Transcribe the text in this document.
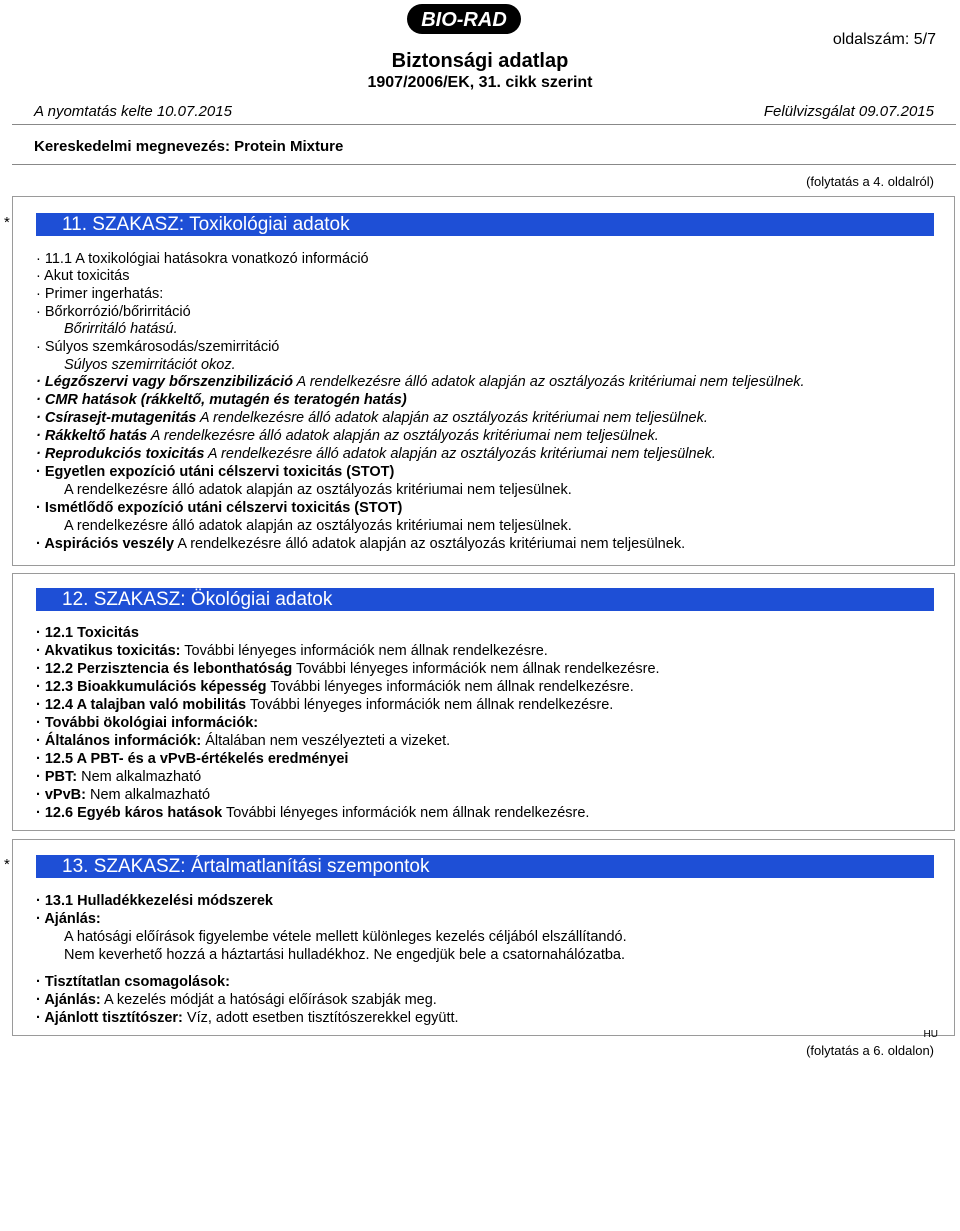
BIO-RAD
oldalszám: 5/7
Biztonsági adatlap
1907/2006/EK, 31. cikk szerint
A nyomtatás kelte 10.07.2015	Felülvizsgálat 09.07.2015
Kereskedelmi megnevezés: Protein Mixture
(folytatás a 4. oldalról)
*	11. SZAKASZ: Toxikológiai adatok
· 11.1 A toxikológiai hatásokra vonatkozó információ
· Akut toxicitás
· Primer ingerhatás:
· Bőrkorrózió/bőrirritáció
Bőrirritáló hatású.
· Súlyos szemkárosodás/szemirritáció
Súlyos szemirritációt okoz.
· Légzőszervi vagy bőrszenzibilizáció A rendelkezésre álló adatok alapján az osztályozás kritériumai nem teljesülnek.
· CMR hatások (rákkeltő, mutagén és teratogén hatás)
· Csírasejt-mutagenitás A rendelkezésre álló adatok alapján az osztályozás kritériumai nem teljesülnek.
· Rákkeltő hatás A rendelkezésre álló adatok alapján az osztályozás kritériumai nem teljesülnek.
· Reprodukciós toxicitás A rendelkezésre álló adatok alapján az osztályozás kritériumai nem teljesülnek.
· Egyetlen expozíció utáni célszervi toxicitás (STOT)
A rendelkezésre álló adatok alapján az osztályozás kritériumai nem teljesülnek.
· Ismétlődő expozíció utáni célszervi toxicitás (STOT)
A rendelkezésre álló adatok alapján az osztályozás kritériumai nem teljesülnek.
· Aspirációs veszély A rendelkezésre álló adatok alapján az osztályozás kritériumai nem teljesülnek.
12. SZAKASZ: Ökológiai adatok
· 12.1 Toxicitás
· Akvatikus toxicitás: További lényeges információk nem állnak rendelkezésre.
· 12.2 Perzisztencia és lebonthatóság További lényeges információk nem állnak rendelkezésre.
· 12.3 Bioakkumulációs képesség További lényeges információk nem állnak rendelkezésre.
· 12.4 A talajban való mobilitás További lényeges információk nem állnak rendelkezésre.
· További ökológiai információk:
· Általános információk: Általában nem veszélyezteti a vizeket.
· 12.5 A PBT- és a vPvB-értékelés eredményei
· PBT: Nem alkalmazható
· vPvB: Nem alkalmazható
· 12.6 Egyéb káros hatások További lényeges információk nem állnak rendelkezésre.
*	13. SZAKASZ: Ártalmatlanítási szempontok
· 13.1 Hulladékkezelési módszerek
· Ajánlás:
A hatósági előírások figyelembe vétele mellett különleges kezelés céljából elszállítandó.
Nem keverhető hozzá a háztartási hulladékhoz. Ne engedjük bele a csatornahálózatba.
· Tisztítatlan csomagolások:
· Ajánlás: A kezelés módját a hatósági előírások szabják meg.
· Ajánlott tisztítószer: Víz, adott esetben tisztítószerekkel együtt.
HU
(folytatás a 6. oldalon)
